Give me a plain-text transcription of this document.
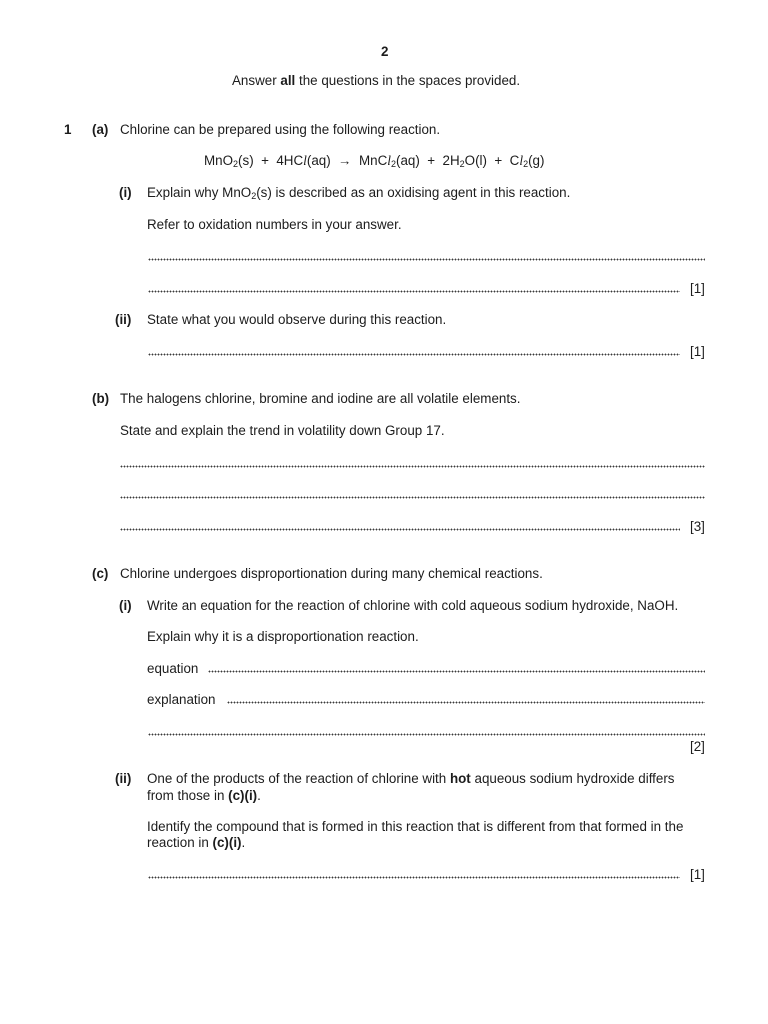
2
Answer all the questions in the spaces provided.
1 (a) Chlorine can be prepared using the following reaction.
MnO$_2$(s)  +  4HCl(aq)  →  MnCl$_2$(aq)  +  $2H_2O(l) + Cl_2(g)$
(i) Explain why MnO$_2$(s) is described as an oxidising agent in this reaction.
Refer to oxidation numbers in your answer.
[1]
(ii) State what you would observe during this reaction.
[1]
(b) The halogens chlorine, bromine and iodine are all volatile elements.
State and explain the trend in volatility down Group 17.
[3]
(c) Chlorine undergoes disproportionation during many chemical reactions.
(i) Write an equation for the reaction of chlorine with cold aqueous sodium hydroxide, NaOH.
Explain why it is a disproportionation reaction.
equation
explanation
[2]
(ii) One of the products of the reaction of chlorine with hot aqueous sodium hydroxide differs
from those in (c)(i).
Identify the compound that is formed in this reaction that is different from that formed in the
reaction in (c)(i).
[1]
